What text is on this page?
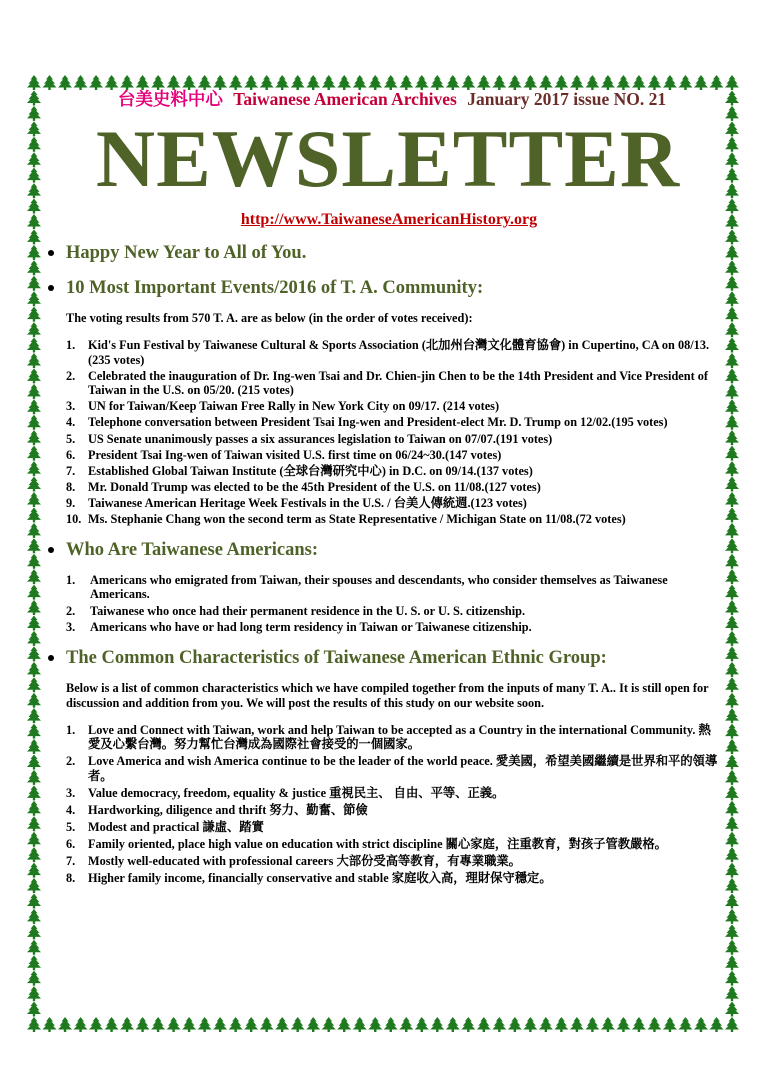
台美史料中心 Taiwanese American Archives January 2017 issue NO. 21
NEWSLETTER
http://www.TaiwaneseAmericanHistory.org
Happy New Year to All of You.
10 Most Important Events/2016 of T. A. Community:
The voting results from 570 T. A. are as below (in the order of votes received):
1. Kid's Fun Festival by Taiwanese Cultural & Sports Association (北加州台灣文化體育協會) in Cupertino, CA on 08/13. (235 votes)
2. Celebrated the inauguration of Dr. Ing-wen Tsai and Dr. Chien-jin Chen to be the 14th President and Vice President of Taiwan in the U.S. on 05/20. (215 votes)
3. UN for Taiwan/Keep Taiwan Free Rally in New York City on 09/17. (214 votes)
4. Telephone conversation between President Tsai Ing-wen and President-elect Mr. D. Trump on 12/02.(195 votes)
5. US Senate unanimously passes a six assurances legislation to Taiwan on 07/07.(191 votes)
6. President Tsai Ing-wen of Taiwan visited U.S. first time on 06/24~30.(147 votes)
7. Established Global Taiwan Institute (全球台灣研究中心) in D.C. on 09/14.(137 votes)
8. Mr. Donald Trump was elected to be the 45th President of the U.S. on 11/08.(127 votes)
9. Taiwanese American Heritage Week Festivals in the U.S. / 台美人傳統週.(123 votes)
10. Ms. Stephanie Chang won the second term as State Representative / Michigan State on 11/08.(72 votes)
Who Are Taiwanese Americans:
1. Americans who emigrated from Taiwan, their spouses and descendants, who consider themselves as Taiwanese Americans.
2. Taiwanese who once had their permanent residence in the U. S. or U. S. citizenship.
3. Americans who have or had long term residency in Taiwan or Taiwanese citizenship.
The Common Characteristics of Taiwanese American Ethnic Group:
Below is a list of common characteristics which we have compiled together from the inputs of many T. A.. It is still open for discussion and addition from you. We will post the results of this study on our website soon.
1. Love and Connect with Taiwan, work and help Taiwan to be accepted as a Country in the international Community. 熱愛及心繫台灣。努力幫忙台灣成為國際社會接受的一個國家。
2. Love America and wish America continue to be the leader of the world peace. 愛美國，希望美國繼續是世界和平的領導者。
3. Value democracy, freedom, equality & justice 重視民主、 自由、平等、正義。
4. Hardworking, diligence and thrift 努力、勤奮、節儉
5. Modest and practical 謙虛、踏實
6. Family oriented, place high value on education with strict discipline 關心家庭，注重教育，對孩子管教嚴格。
7. Mostly well-educated with professional careers 大部份受高等教育，有專業職業。
8. Higher family income, financially conservative and stable 家庭收入高，理財保守穩定。
